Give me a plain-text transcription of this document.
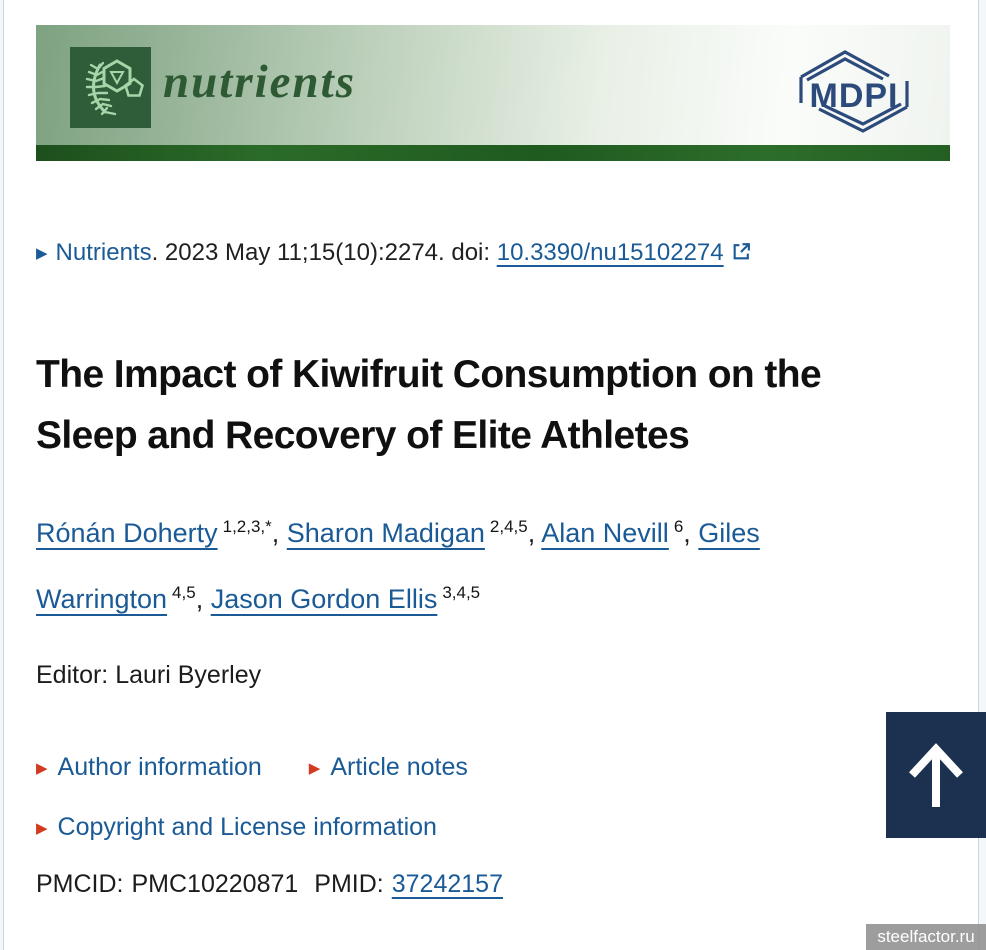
nutrients	MDPI
▶ Nutrients. 2023 May 11;15(10):2274. doi: 10.3390/nu15102274
The Impact of Kiwifruit Consumption on the
Sleep and Recovery of Elite Athletes

Rónán Doherty $^{1,2,3,*}$, Sharon Madigan $^{2,4,5}$, Alan Nevill $^6$, Giles Warrington $^{4,5}$, Jason Gordon Ellis $^{3,4,5}$

Editor: Lauri Byerley

▶ Author information	▶ Article notes
▶ Copyright and License information

PMCID: PMC10220871 PMID: 37242157

steelfactor.ru
